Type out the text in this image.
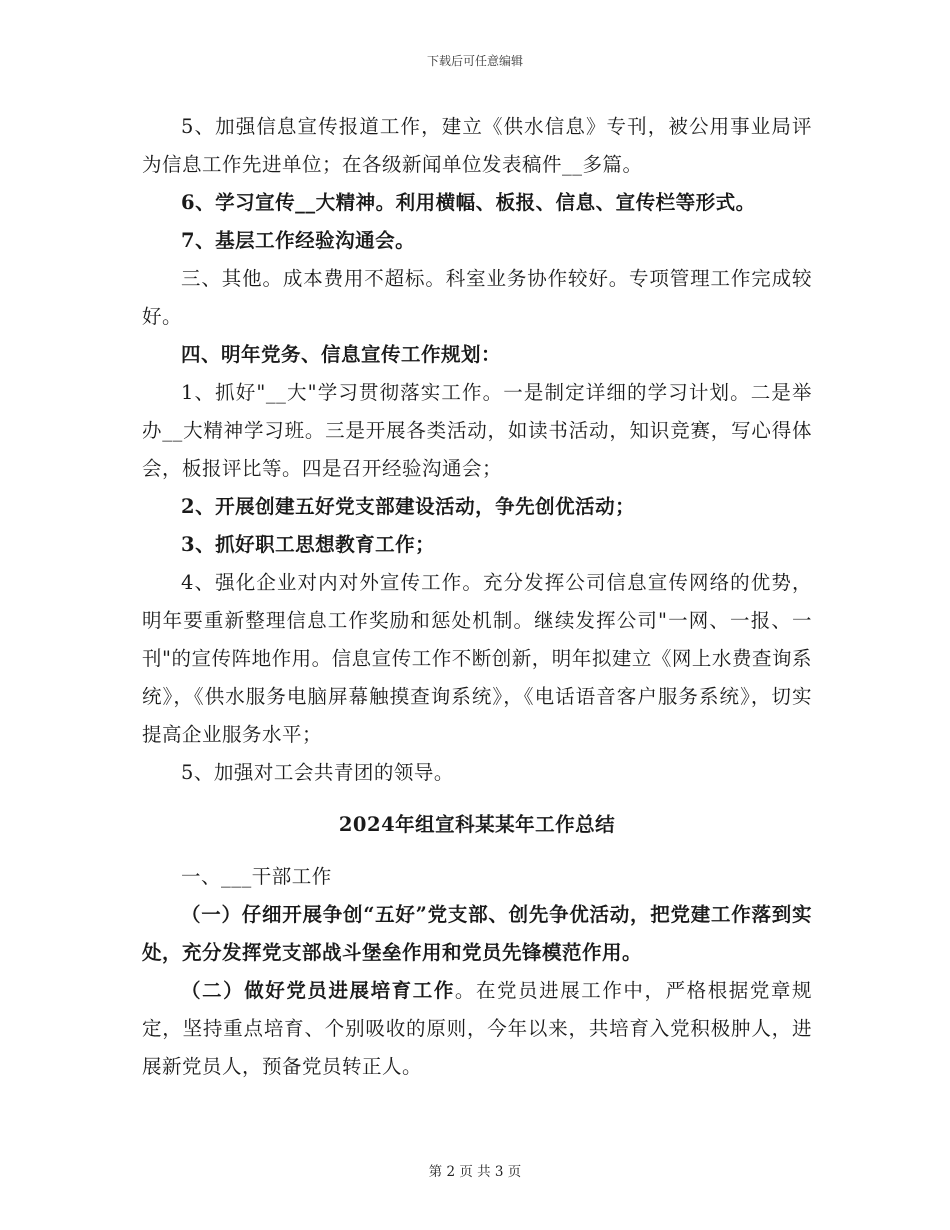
下载后可任意编辑

5、加强信息宣传报道工作，建立《供水信息》专刊，被公用事业局评为信息工作先进单位；在各级新闻单位发表稿件__多篇。

6、学习宣传__大精神。利用横幅、板报、信息、宣传栏等形式。

7、基层工作经验沟通会。

三、其他。成本费用不超标。科室业务协作较好。专项管理工作完成较好。

四、明年党务、信息宣传工作规划：

1、抓好"__大"学习贯彻落实工作。一是制定详细的学习计划。二是举办__大精神学习班。三是开展各类活动，如读书活动，知识竞赛，写心得体会，板报评比等。四是召开经验沟通会；

2、开展创建五好党支部建设活动，争先创优活动；

3、抓好职工思想教育工作；

4、强化企业对内对外宣传工作。充分发挥公司信息宣传网络的优势，明年要重新整理信息工作奖励和惩处机制。继续发挥公司"一网、一报、一刊"的宣传阵地作用。信息宣传工作不断创新，明年拟建立《网上水费查询系统》，《供水服务电脑屏幕触摸查询系统》，《电话语音客户服务系统》，切实提高企业服务水平；

5、加强对工会共青团的领导。

2024年组宣科某某年工作总结

一、___干部工作

（一）仔细开展争创“五好”党支部、创先争优活动，把党建工作落到实处，充分发挥党支部战斗堡垒作用和党员先锋模范作用。

（二）做好党员进展培育工作。在党员进展工作中，严格根据党章规定，坚持重点培育、个别吸收的原则，今年以来，共培育入党积极肿人，进展新党员人，预备党员转正人。

第 2 页 共 3 页
